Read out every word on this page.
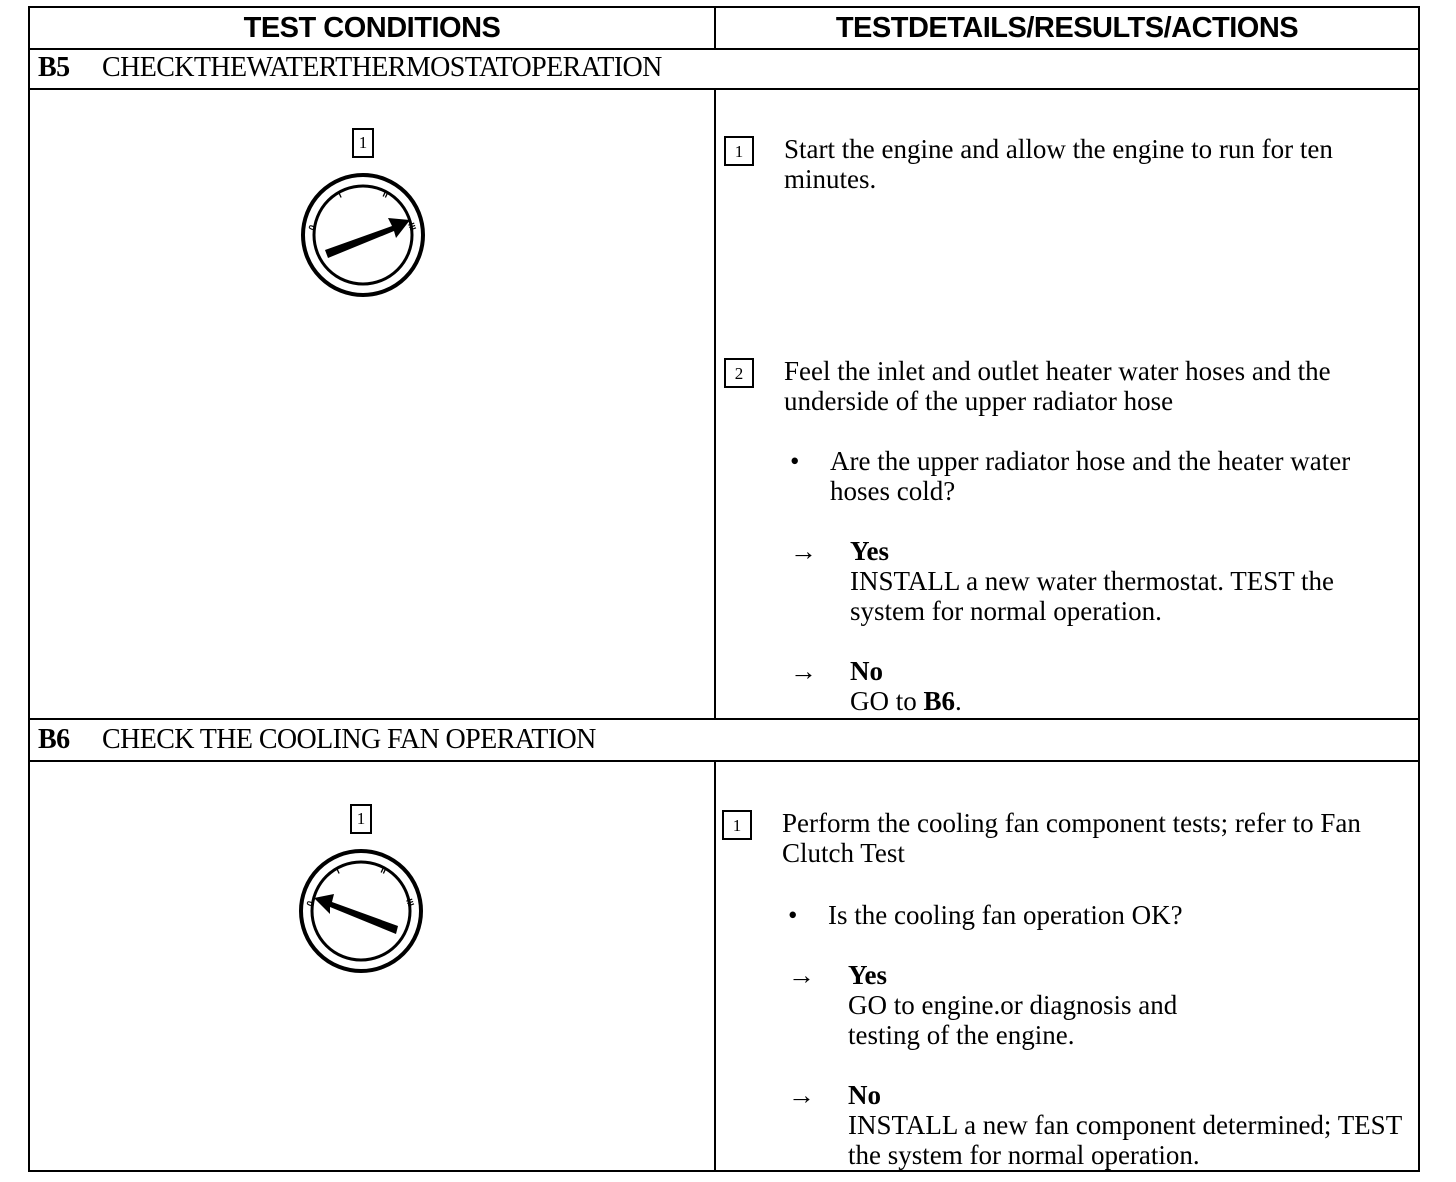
TEST CONDITIONS	TESTDETAILS/RESULTS/ACTIONS
B5	CHECKTHEWATERTHERMOSTATOPERATION
1
0
I	II
III
1	Start the engine and allow the engine to run for ten minutes.
2	Feel the inlet and outlet heater water hoses and the underside of the upper radiator hose
• Are the upper radiator hose and the heater water hoses cold?
→ Yes
INSTALL a new water thermostat. TEST the system for normal operation.
→ No
GO to B6.
B6	CHECK THE COOLING FAN OPERATION
1
0
I	II
III
1	Perform the cooling fan component tests; refer to Fan Clutch Test
• Is the cooling fan operation OK?
→ Yes
GO to engine.or diagnosis and testing of the engine.
→ No
INSTALL a new fan component determined; TEST the system for normal operation.
